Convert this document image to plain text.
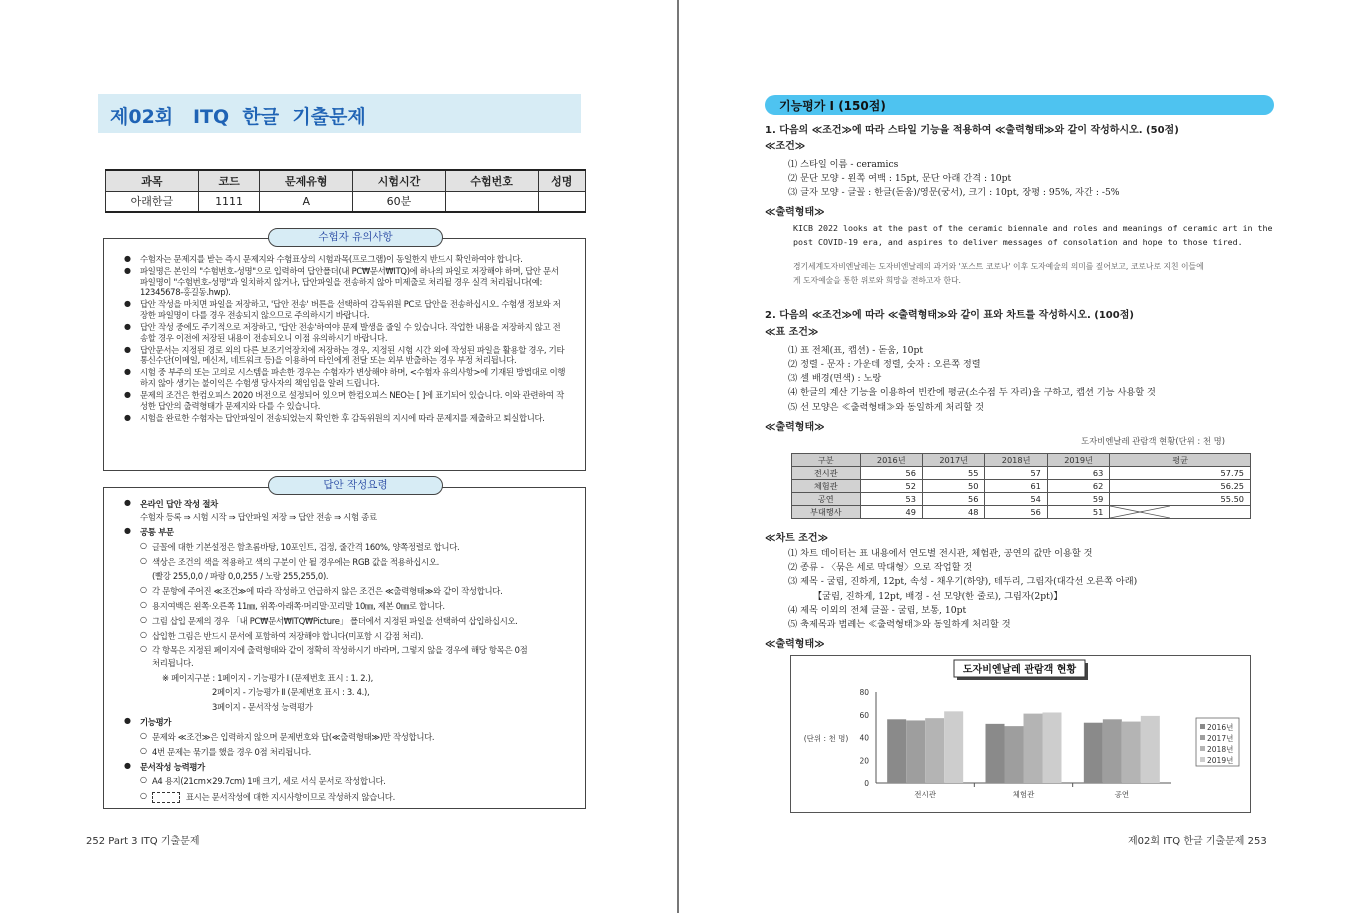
제02회   ITQ  한글  기출문제
과목	코드	문제유형	시험시간	수험번호	성명
아래한글	1111	A	60분		
● 수험자는 문제지를 받는 즉시 문제지와 수험표상의 시험과목(프로그램)이 동일한지 반드시 확인하여야 합니다.
● 파일명은 본인의 "수험번호-성명"으로 입력하여 답안폴더(내 PC₩문서₩ITQ)에 하나의 파일로 저장해야 하며, 답안 문서 파일명이 "수험번호-성명"과 일치하지 않거나, 답안파일을 전송하지 않아 미제출로 처리될 경우 실격 처리됩니다(예: 12345678-홍길동.hwp).
● 답안 작성을 마치면 파일을 저장하고, '답안 전송' 버튼을 선택하여 감독위원 PC로 답안을 전송하십시오. 수험생 정보와 저장한 파일명이 다를 경우 전송되지 않으므로 주의하시기 바랍니다.
● 답안 작성 중에도 주기적으로 저장하고, '답안 전송'하여야 문제 발생을 줄일 수 있습니다. 작업한 내용을 저장하지 않고 전송할 경우 이전에 저장된 내용이 전송되오니 이점 유의하시기 바랍니다.
● 답안문서는 지정된 경로 외의 다른 보조기억장치에 저장하는 경우, 지정된 시험 시간 외에 작성된 파일을 활용할 경우, 기타 통신수단(이메일, 메신저, 네트워크 등)을 이용하여 타인에게 전달 또는 외부 반출하는 경우 부정 처리됩니다.
● 시험 중 부주의 또는 고의로 시스템을 파손한 경우는 수험자가 변상해야 하며, <수험자 유의사항>에 기재된 방법대로 이행하지 않아 생기는 불이익은 수험생 당사자의 책임임을 알려 드립니다.
● 문제의 조건은 한컴오피스 2020 버전으로 설정되어 있으며 한컴오피스 NEO는 [ ]에 표기되어 있습니다. 이와 관련하여 작성한 답안의 출력형태가 문제지와 다를 수 있습니다.
● 시험을 완료한 수험자는 답안파일이 전송되었는지 확인한 후 감독위원의 지시에 따라 문제지를 제출하고 퇴실합니다.
수험자 유의사항
● 온라인 답안 작성 절차
수험자 등록 ⇒ 시험 시작 ⇒ 답안파일 저장 ⇒ 답안 전송 ⇒ 시험 종료
● 공통 부문
○ 글꼴에 대한 기본설정은 함초롬바탕, 10포인트, 검정, 줄간격 160%, 양쪽정렬로 합니다.
○ 색상은 조건의 색을 적용하고 색의 구분이 안 될 경우에는 RGB 값을 적용하십시오.
(빨강 255,0,0 / 파랑 0,0,255 / 노랑 255,255,0).
○ 각 문항에 주어진 ≪조건≫에 따라 작성하고 언급하지 않은 조건은 ≪출력형태≫와 같이 작성합니다.
○ 용지여백은 왼쪽·오른쪽 11㎜, 위쪽·아래쪽·머리말·꼬리말 10㎜, 제본 0㎜로 합니다.
○ 그림 삽입 문제의 경우 「내 PC₩문서₩ITQ₩Picture」 폴더에서 지정된 파일을 선택하여 삽입하십시오.
○ 삽입한 그림은 반드시 문서에 포함하여 저장해야 합니다(미포함 시 감점 처리).
○ 각 항목은 지정된 페이지에 출력형태와 같이 정확히 작성하시기 바라며, 그렇지 않을 경우에 해당 항목은 0점
처리됩니다.
※ 페이지구분 : 1페이지 - 기능평가 Ⅰ (문제번호 표시 : 1. 2.),
2페이지 - 기능평가 Ⅱ (문제번호 표시 : 3. 4.),
3페이지 - 문서작성 능력평가
● 기능평가
○ 문제와 ≪조건≫은 입력하지 않으며 문제번호와 답(≪출력형태≫)만 작성합니다.
○ 4번 문제는 묶기를 했을 경우 0점 처리됩니다.
● 문서작성 능력평가
○ A4 용지(21cm×29.7cm) 1매 크기, 세로 서식 문서로 작성합니다.
○ 표시는 문서작성에 대한 지시사항이므로 작성하지 않습니다.
답안 작성요령
252 Part 3 ITQ 기출문제
기능평가 Ⅰ (150점)
1. 다음의 ≪조건≫에 따라 스타일 기능을 적용하여 ≪출력형태≫와 같이 작성하시오. (50점)
≪조건≫
⑴ 스타일 이름 - ceramics
⑵ 문단 모양 - 왼쪽 여백 : 15pt, 문단 아래 간격 : 10pt
⑶ 글자 모양 - 글꼴 : 한글(돋움)/영문(궁서), 크기 : 10pt, 장평 : 95%, 자간 : -5%
≪출력형태≫
KICB 2022 looks at the past of the ceramic biennale and roles and meanings of ceramic art in the
post COVID-19 era, and aspires to deliver messages of consolation and hope to those tired.
경기세계도자비엔날레는 도자비엔날레의 과거와 '포스트 코로나' 이후 도자예술의 의미를 짚어보고, 코로나로 지친 이들에
게 도자예술을 통한 위로와 희망을 전하고자 한다.
2. 다음의 ≪조건≫에 따라 ≪출력형태≫와 같이 표와 차트를 작성하시오. (100점)
≪표 조건≫
⑴ 표 전체(표, 캡션) - 돋움, 10pt
⑵ 정렬 - 문자 : 가운데 정렬, 숫자 : 오른쪽 정렬
⑶ 셀 배경(면색) : 노랑
⑷ 한글의 계산 기능을 이용하여 빈칸에 평균(소수점 두 자리)을 구하고, 캡션 기능 사용할 것
⑸ 선 모양은 ≪출력형태≫와 동일하게 처리할 것
≪출력형태≫
도자비엔날레 관람객 현황(단위 : 천 명)
구분	2016년	2017년	2018년	2019년	평균
전시관	56	55	57	63	57.75
체험관	52	50	61	62	56.25
공연	53	56	54	59	55.50
부대행사	49	48	56	51	
≪차트 조건≫
⑴ 차트 데이터는 표 내용에서 연도별 전시관, 체험관, 공연의 값만 이용할 것
⑵ 종류 - 〈묶은 세로 막대형〉으로 작업할 것
⑶ 제목 - 굴림, 진하게, 12pt, 속성 - 채우기(하양), 테두리, 그림자(대각선 오른쪽 아래)
【굴림, 진하게, 12pt, 배경 - 선 모양(한 줄로), 그림자(2pt)】
⑷ 제목 이외의 전체 글꼴 - 굴림, 보통, 10pt
⑸ 축제목과 범례는 ≪출력형태≫와 동일하게 처리할 것
≪출력형태≫
도자비엔날레 관람객 현황
0
20
40
60
80
(단위 : 천 명)
전시관	체험관	공연
2016년
2017년
2018년
2019년
제02회 ITQ 한글 기출문제 253
